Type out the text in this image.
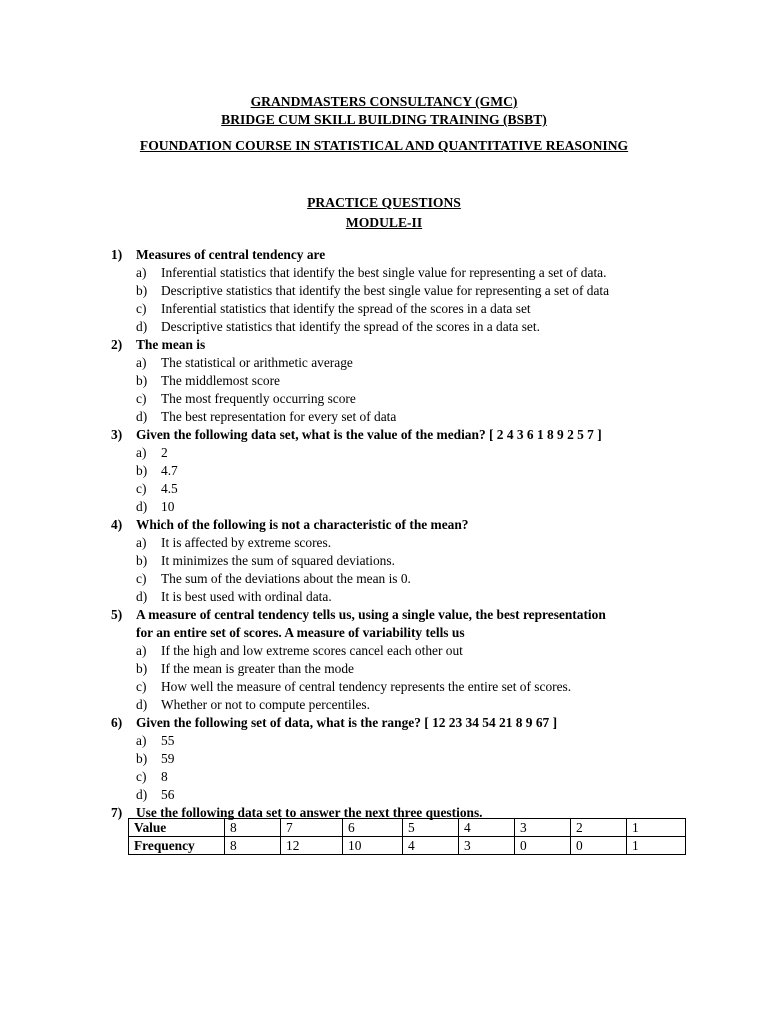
GRANDMASTERS CONSULTANCY (GMC)
BRIDGE CUM SKILL BUILDING TRAINING (BSBT)
FOUNDATION COURSE IN STATISTICAL AND QUANTITATIVE REASONING
PRACTICE QUESTIONS
MODULE-II
1) Measures of central tendency are
a) Inferential statistics that identify the best single value for representing a set of data.
b) Descriptive statistics that identify the best single value for representing a set of data
c) Inferential statistics that identify the spread of the scores in a data set
d) Descriptive statistics that identify the spread of the scores in a data set.
2) The mean is
a) The statistical or arithmetic average
b) The middlemost score
c) The most frequently occurring score
d) The best representation for every set of data
3) Given the following data set, what is the value of the median? [ 2 4 3 6 1 8 9 2 5 7 ]
a) 2
b) 4.7
c) 4.5
d) 10
4) Which of the following is not a characteristic of the mean?
a) It is affected by extreme scores.
b) It minimizes the sum of squared deviations.
c) The sum of the deviations about the mean is 0.
d) It is best used with ordinal data.
5) A measure of central tendency tells us, using a single value, the best representation
for an entire set of scores. A measure of variability tells us
a) If the high and low extreme scores cancel each other out
b) If the mean is greater than the mode
c) How well the measure of central tendency represents the entire set of scores.
d) Whether or not to compute percentiles.
6) Given the following set of data, what is the range? [ 12 23 34 54 21 8 9 67 ]
a) 55
b) 59
c) 8
d) 56
7) Use the following data set to answer the next three questions.
Value	8	7	6	5	4	3	2	1
Frequency	8	12	10	4	3	0	0	1
